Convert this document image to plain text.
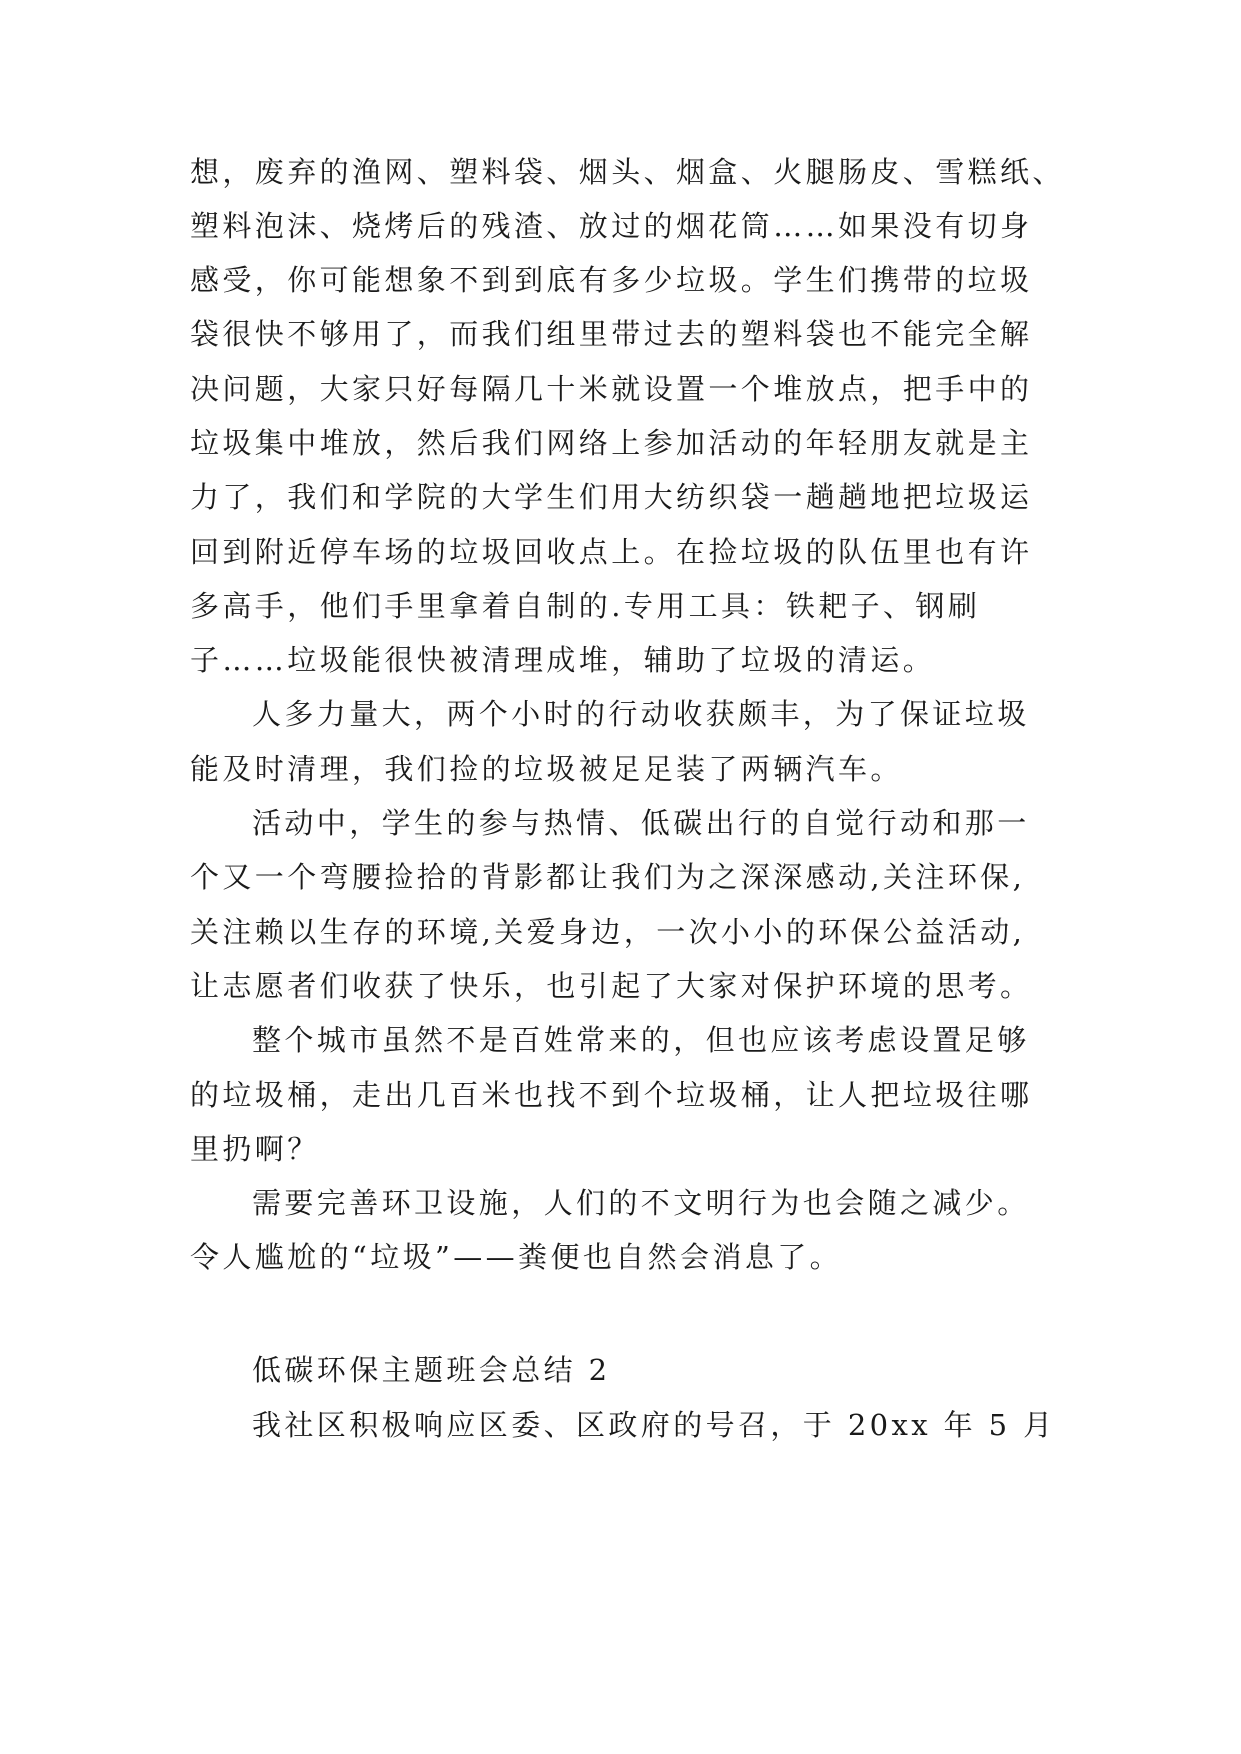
想，废弃的渔网、塑料袋、烟头、烟盒、火腿肠皮、雪糕纸、
塑料泡沫、烧烤后的残渣、放过的烟花筒……如果没有切身
感受，你可能想象不到到底有多少垃圾。学生们携带的垃圾
袋很快不够用了，而我们组里带过去的塑料袋也不能完全解
决问题，大家只好每隔几十米就设置一个堆放点，把手中的
垃圾集中堆放，然后我们网络上参加活动的年轻朋友就是主
力了，我们和学院的大学生们用大纺织袋一趟趟地把垃圾运
回到附近停车场的垃圾回收点上。在捡垃圾的队伍里也有许
多高手，他们手里拿着自制的.专用工具：铁耙子、钢刷
子……垃圾能很快被清理成堆，辅助了垃圾的清运。
人多力量大，两个小时的行动收获颇丰，为了保证垃圾
能及时清理，我们捡的垃圾被足足装了两辆汽车。
活动中，学生的参与热情、低碳出行的自觉行动和那一
个又一个弯腰捡拾的背影都让我们为之深深感动,关注环保,
关注赖以生存的环境,关爱身边，一次小小的环保公益活动,
让志愿者们收获了快乐，也引起了大家对保护环境的思考。
整个城市虽然不是百姓常来的，但也应该考虑设置足够
的垃圾桶，走出几百米也找不到个垃圾桶，让人把垃圾往哪
里扔啊？
需要完善环卫设施，人们的不文明行为也会随之减少。
令人尴尬的“垃圾”——粪便也自然会消息了。
低碳环保主题班会总结 2
我社区积极响应区委、区政府的号召，于 20xx 年 5 月
